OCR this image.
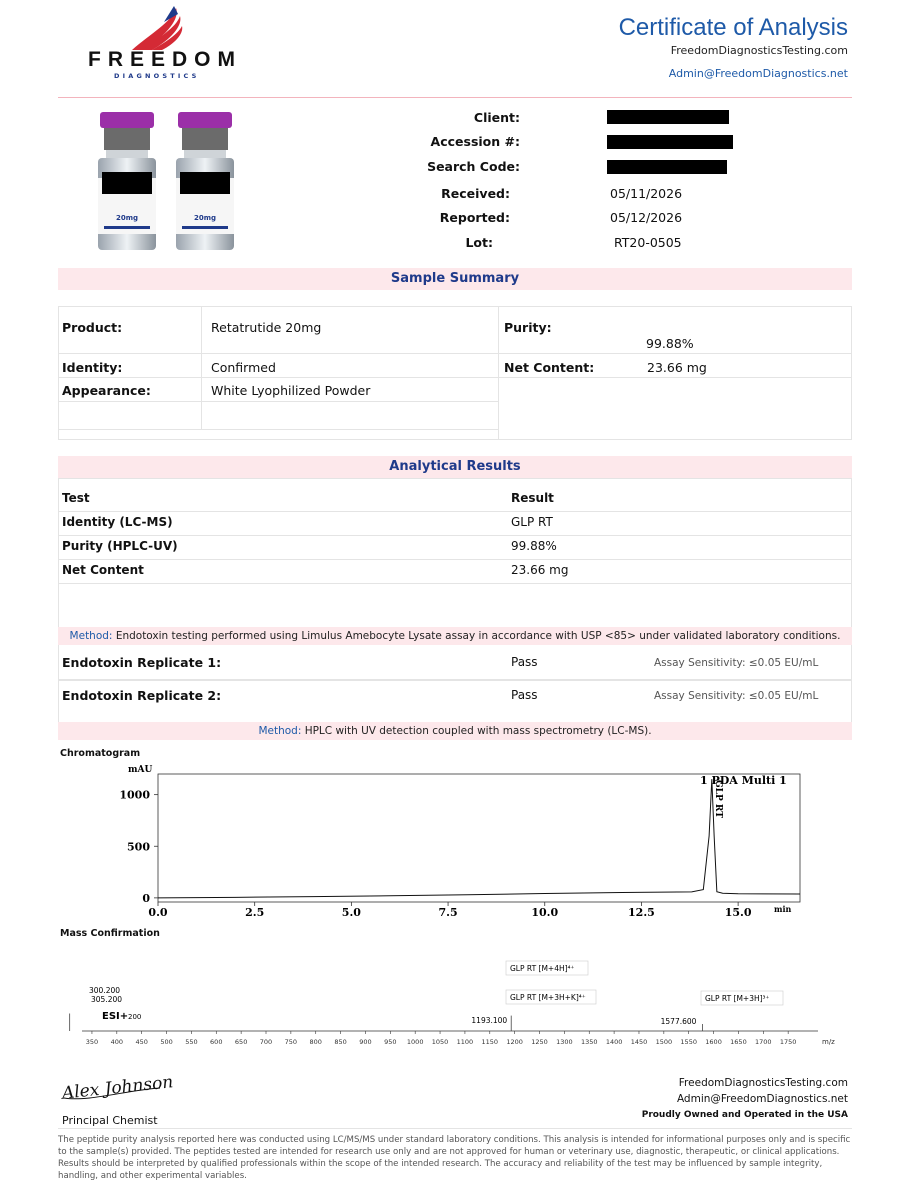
FREEDOM
DIAGNOSTICS
Certificate of Analysis
FreedomDiagnosticsTesting.com
Admin@FreedomDiagnostics.net
20mg	20mg
Client:
Accession #:
Search Code:
Received:	05/11/2026
Reported:	05/12/2026
Lot:	RT20-0505
Sample Summary
Product:	Retatrutide 20mg
Identity:	Confirmed
Appearance:	White Lyophilized Powder
Purity:
99.88%
Net Content:	23.66 mg
Analytical Results
Test	Result
Identity (LC-MS)	GLP RT
Purity (HPLC-UV)	99.88%
Net Content	23.66 mg
Method: Endotoxin testing performed using Limulus Amebocyte Lysate assay in accordance with USP <85> under validated laboratory conditions.
Endotoxin Replicate 1:	Pass	Assay Sensitivity: ≤0.05 EU/mL
Endotoxin Replicate 2:	Pass	Assay Sensitivity: ≤0.05 EU/mL
Method: HPLC with UV detection coupled with mass spectrometry (LC-MS).
Chromatogram
0.0	2.5	5.0	7.5	10.0	12.5	15.0
0
500
1000
mAU
min
1 PDA Multi 1
GLP RT
Mass Confirmation
350 400 450 500 550 600 650 700 750 800 850 900 950 1000 1050 1100 1150 1200 1250 1300 1350 1400 1450 1500 1550 1600 1650 1700 1750	m/z
ESI+ 200
300.200
305.200
1193.100	1577.600
GLP RT [M+4H]⁴⁺
GLP RT [M+3H+K]⁴⁺	GLP RT [M+3H]³⁺
Alex Johnson
Principal Chemist
FreedomDiagnosticsTesting.com
Admin@FreedomDiagnostics.net
Proudly Owned and Operated in the USA
The peptide purity analysis reported here was conducted using LC/MS/MS under standard laboratory conditions. This analysis is intended for informational purposes only and is specific to the sample(s) provided. The peptides tested are intended for research use only and are not approved for human or veterinary use, diagnostic, therapeutic, or clinical applications. Results should be interpreted by qualified professionals within the scope of the intended research. The accuracy and reliability of the test may be influenced by sample integrity, handling, and other experimental variables.
